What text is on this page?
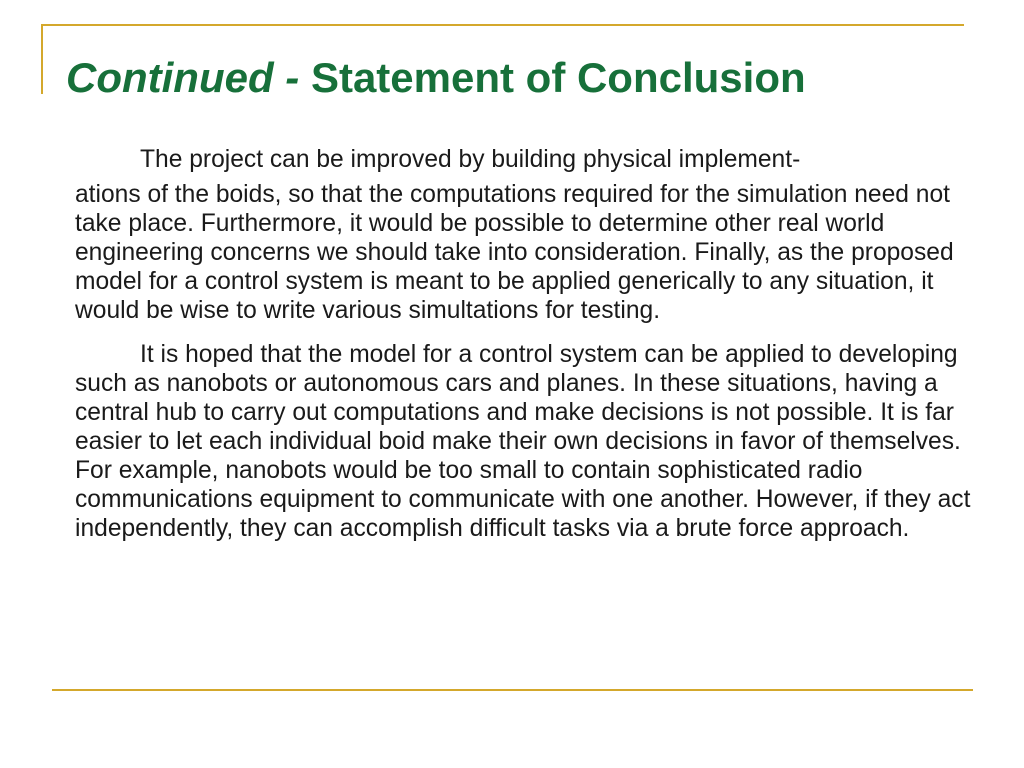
Continued - Statement of Conclusion

The project can be improved by building physical implement-

ations of the boids, so that the computations required for the simulation need not take place. Furthermore, it would be possible to determine other real world engineering concerns we should take into consideration. Finally, as the proposed model for a control system is meant to be applied generically to any situation, it would be wise to write various simultations for testing.

It is hoped that the model for a control system can be applied to developing such as nanobots or autonomous cars and planes. In these situations, having a central hub to carry out computations and make decisions is not possible. It is far easier to let each individual boid make their own decisions in favor of themselves. For example, nanobots would be too small to contain sophisticated radio communications equipment to communicate with one another. However, if they act independently, they can accomplish difficult tasks via a brute force approach.
